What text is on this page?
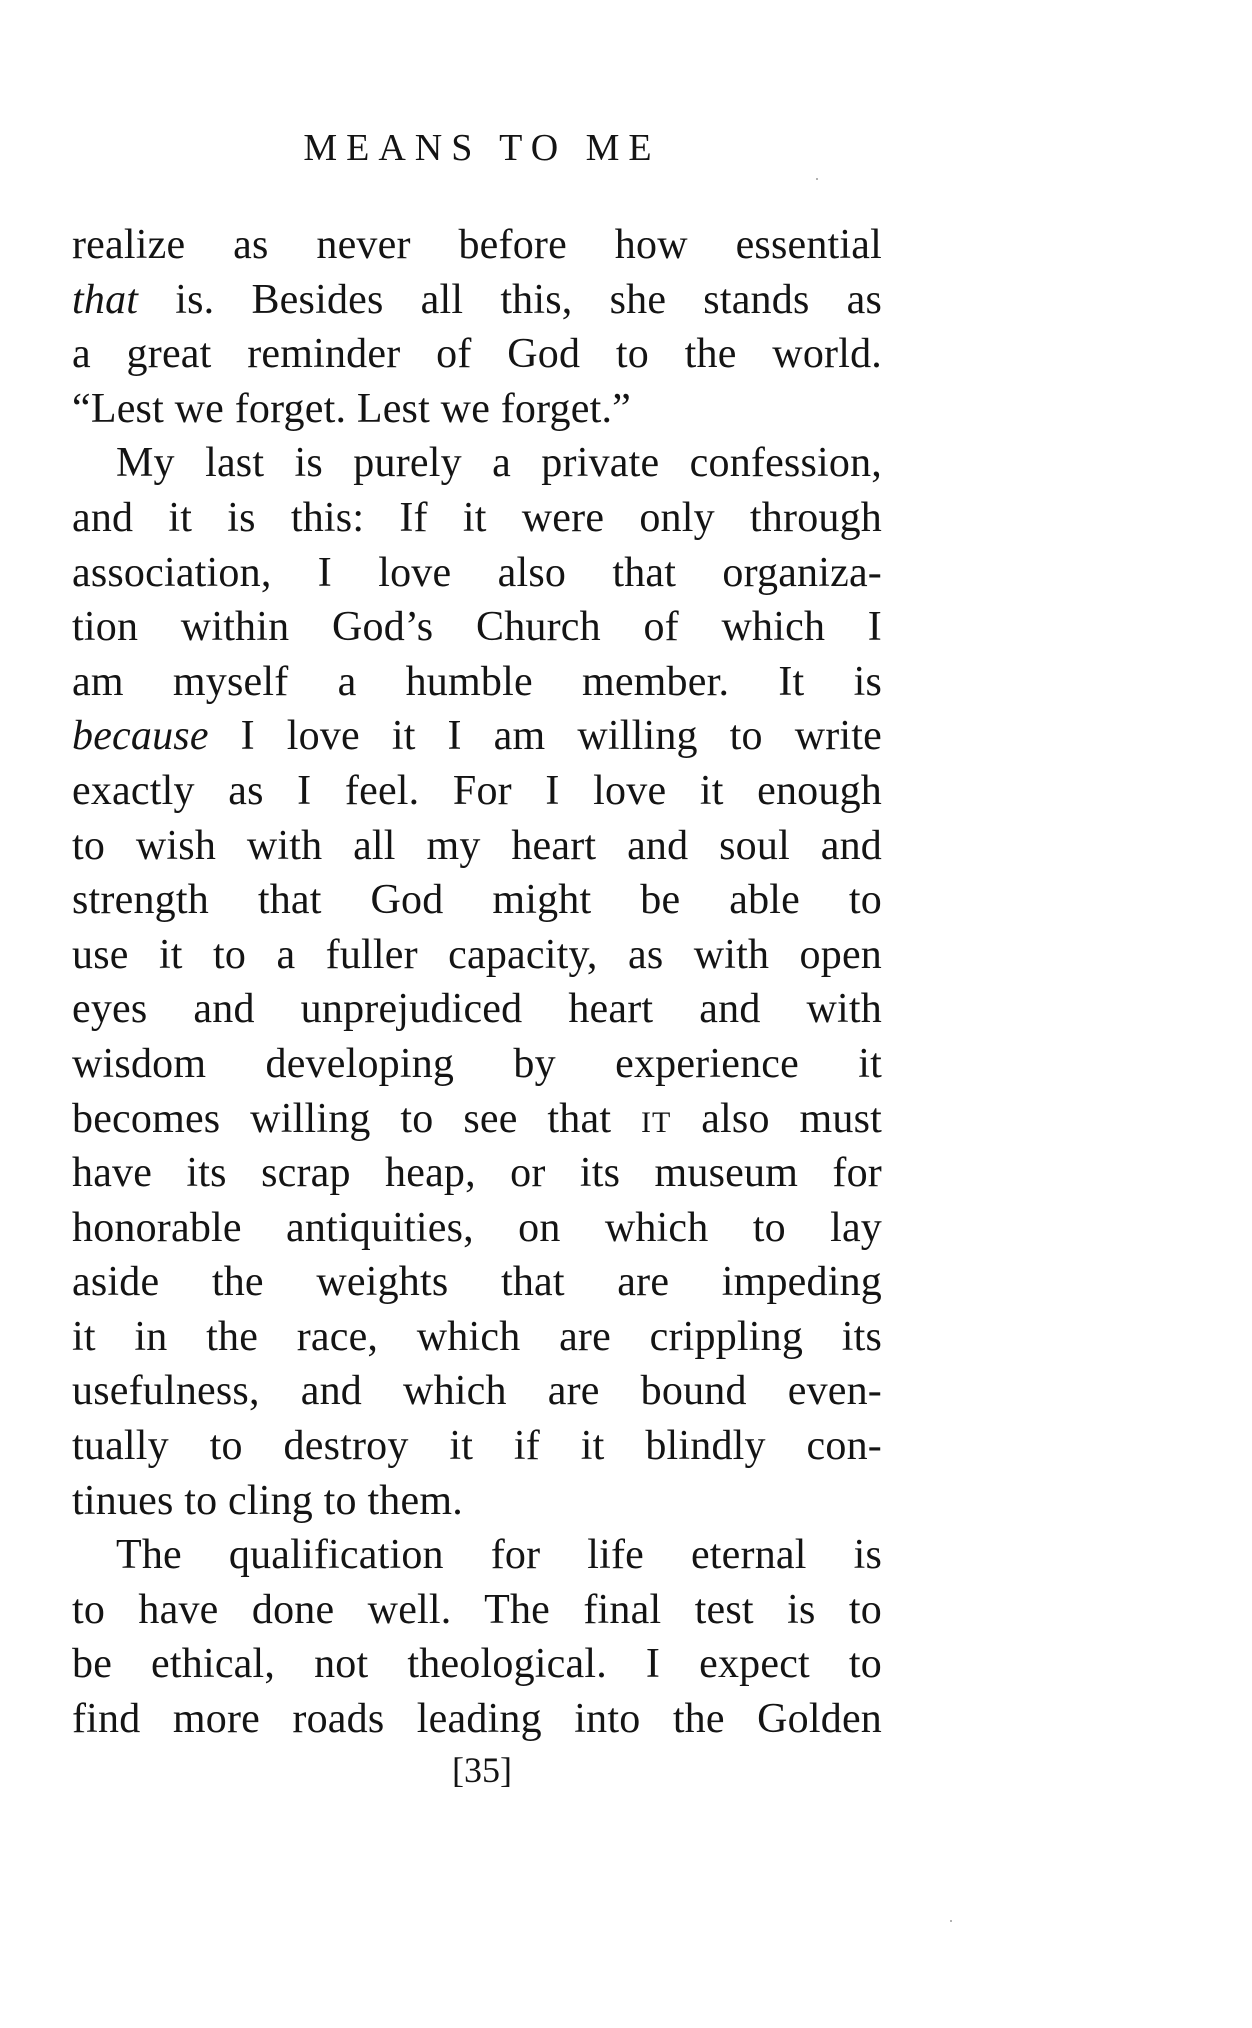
MEANS TO ME
realize as never before how essential
that is. Besides all this, she stands as
a great reminder of God to the world.
“Lest we forget. Lest we forget.”
My last is purely a private confession,
and it is this: If it were only through
association, I love also that organiza-
tion within God’s Church of which I
am myself a humble member. It is
because I love it I am willing to write
exactly as I feel. For I love it enough
to wish with all my heart and soul and
strength that God might be able to
use it to a fuller capacity, as with open
eyes and unprejudiced heart and with
wisdom developing by experience it
becomes willing to see that IT also must
have its scrap heap, or its museum for
honorable antiquities, on which to lay
aside the weights that are impeding
it in the race, which are crippling its
usefulness, and which are bound even-
tually to destroy it if it blindly con-
tinues to cling to them.
The qualification for life eternal is
to have done well. The final test is to
be ethical, not theological. I expect to
find more roads leading into the Golden
[35]
